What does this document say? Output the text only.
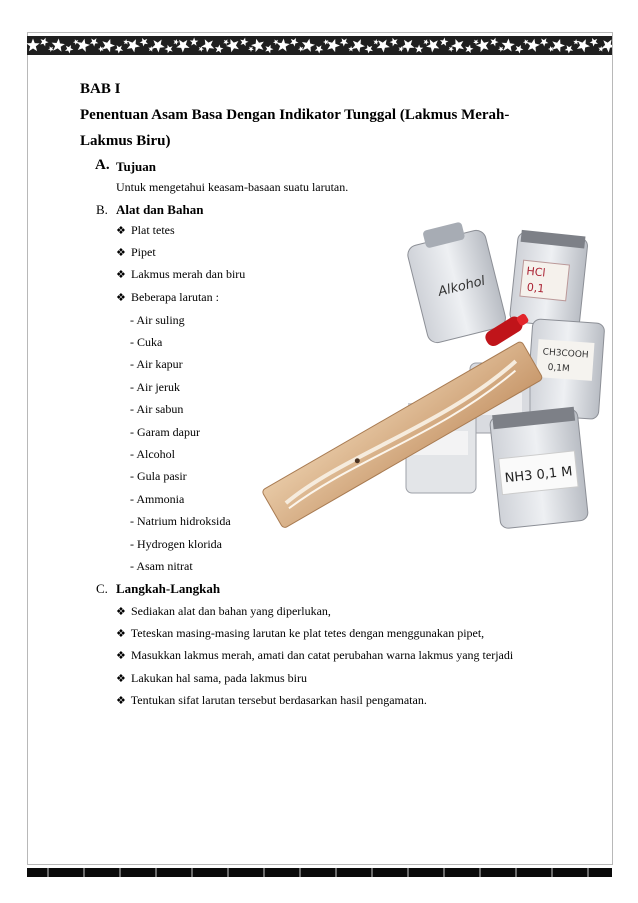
BAB I
Penentuan Asam Basa Dengan Indikator Tunggal (Lakmus Merah-
Lakmus Biru)
A. Tujuan
Untuk mengetahui keasam-basaan suatu larutan.
B. Alat dan Bahan
❖ Plat tetes
❖ Pipet
❖ Lakmus merah dan biru
❖ Beberapa larutan :
- Air suling
- Cuka
- Air kapur
- Air jeruk
- Air sabun
- Garam dapur
- Alcohol
- Gula pasir
- Ammonia
- Natrium hidroksida
- Hydrogen klorida
- Asam nitrat
C. Langkah-Langkah
❖ Sediakan alat dan bahan yang diperlukan,
❖ Teteskan masing-masing larutan ke plat tetes dengan menggunakan pipet,
❖ Masukkan lakmus merah, amati dan catat perubahan warna lakmus yang terjadi
❖ Lakukan hal sama, pada lakmus biru
❖ Tentukan sifat larutan tersebut berdasarkan hasil pengamatan.
Alkohol
HCl
0,1
CH3COOH
0,1M
NH3 0,1 M
